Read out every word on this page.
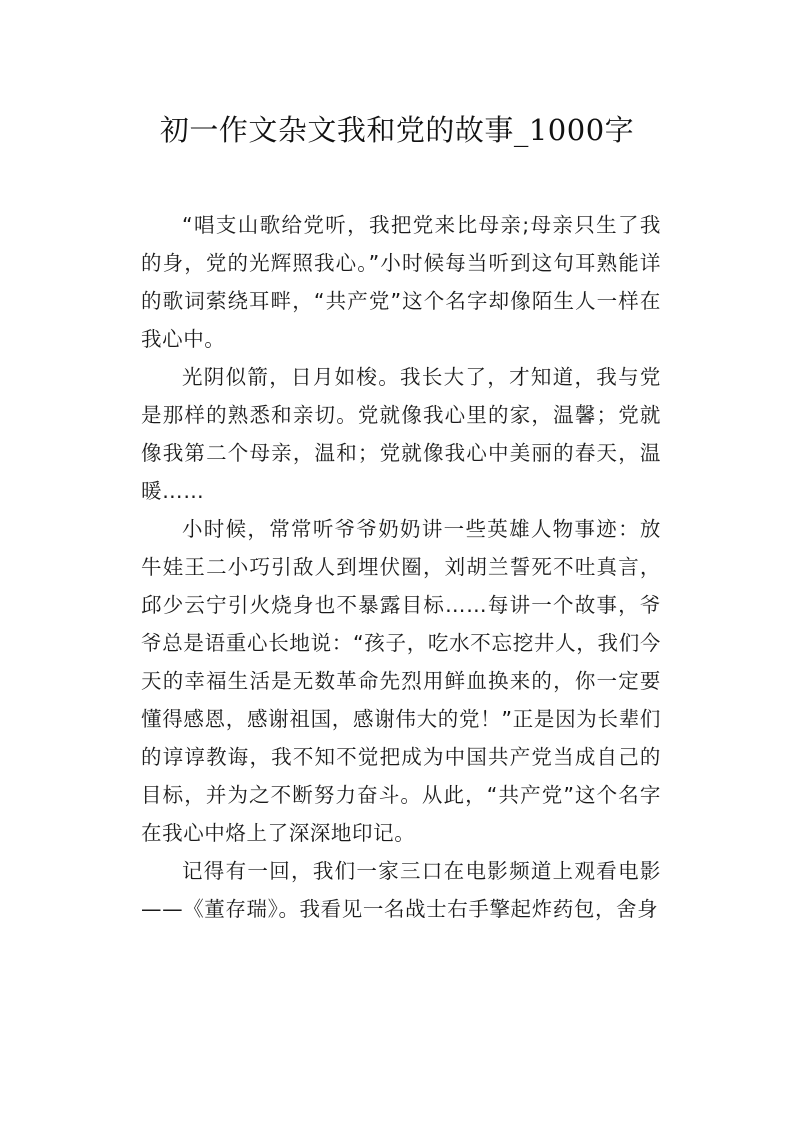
初一作文杂文我和党的故事_1000字

“唱支山歌给党听，我把党来比母亲;母亲只生了我的身，党的光辉照我心。”小时候每当听到这句耳熟能详的歌词萦绕耳畔，“共产党”这个名字却像陌生人一样在我心中。

光阴似箭，日月如梭。我长大了，才知道，我与党是那样的熟悉和亲切。党就像我心里的家，温馨；党就像我第二个母亲，温和；党就像我心中美丽的春天，温暖……

小时候，常常听爷爷奶奶讲一些英雄人物事迹：放牛娃王二小巧引敌人到埋伏圈，刘胡兰誓死不吐真言，邱少云宁引火烧身也不暴露目标……每讲一个故事，爷爷总是语重心长地说：“孩子，吃水不忘挖井人，我们今天的幸福生活是无数革命先烈用鲜血换来的，你一定要懂得感恩，感谢祖国，感谢伟大的党！”正是因为长辈们的谆谆教诲，我不知不觉把成为中国共产党当成自己的目标，并为之不断努力奋斗。从此，“共产党”这个名字在我心中烙上了深深地印记。

记得有一回，我们一家三口在电影频道上观看电影——《董存瑞》。我看见一名战士右手擎起炸药包，舍身
